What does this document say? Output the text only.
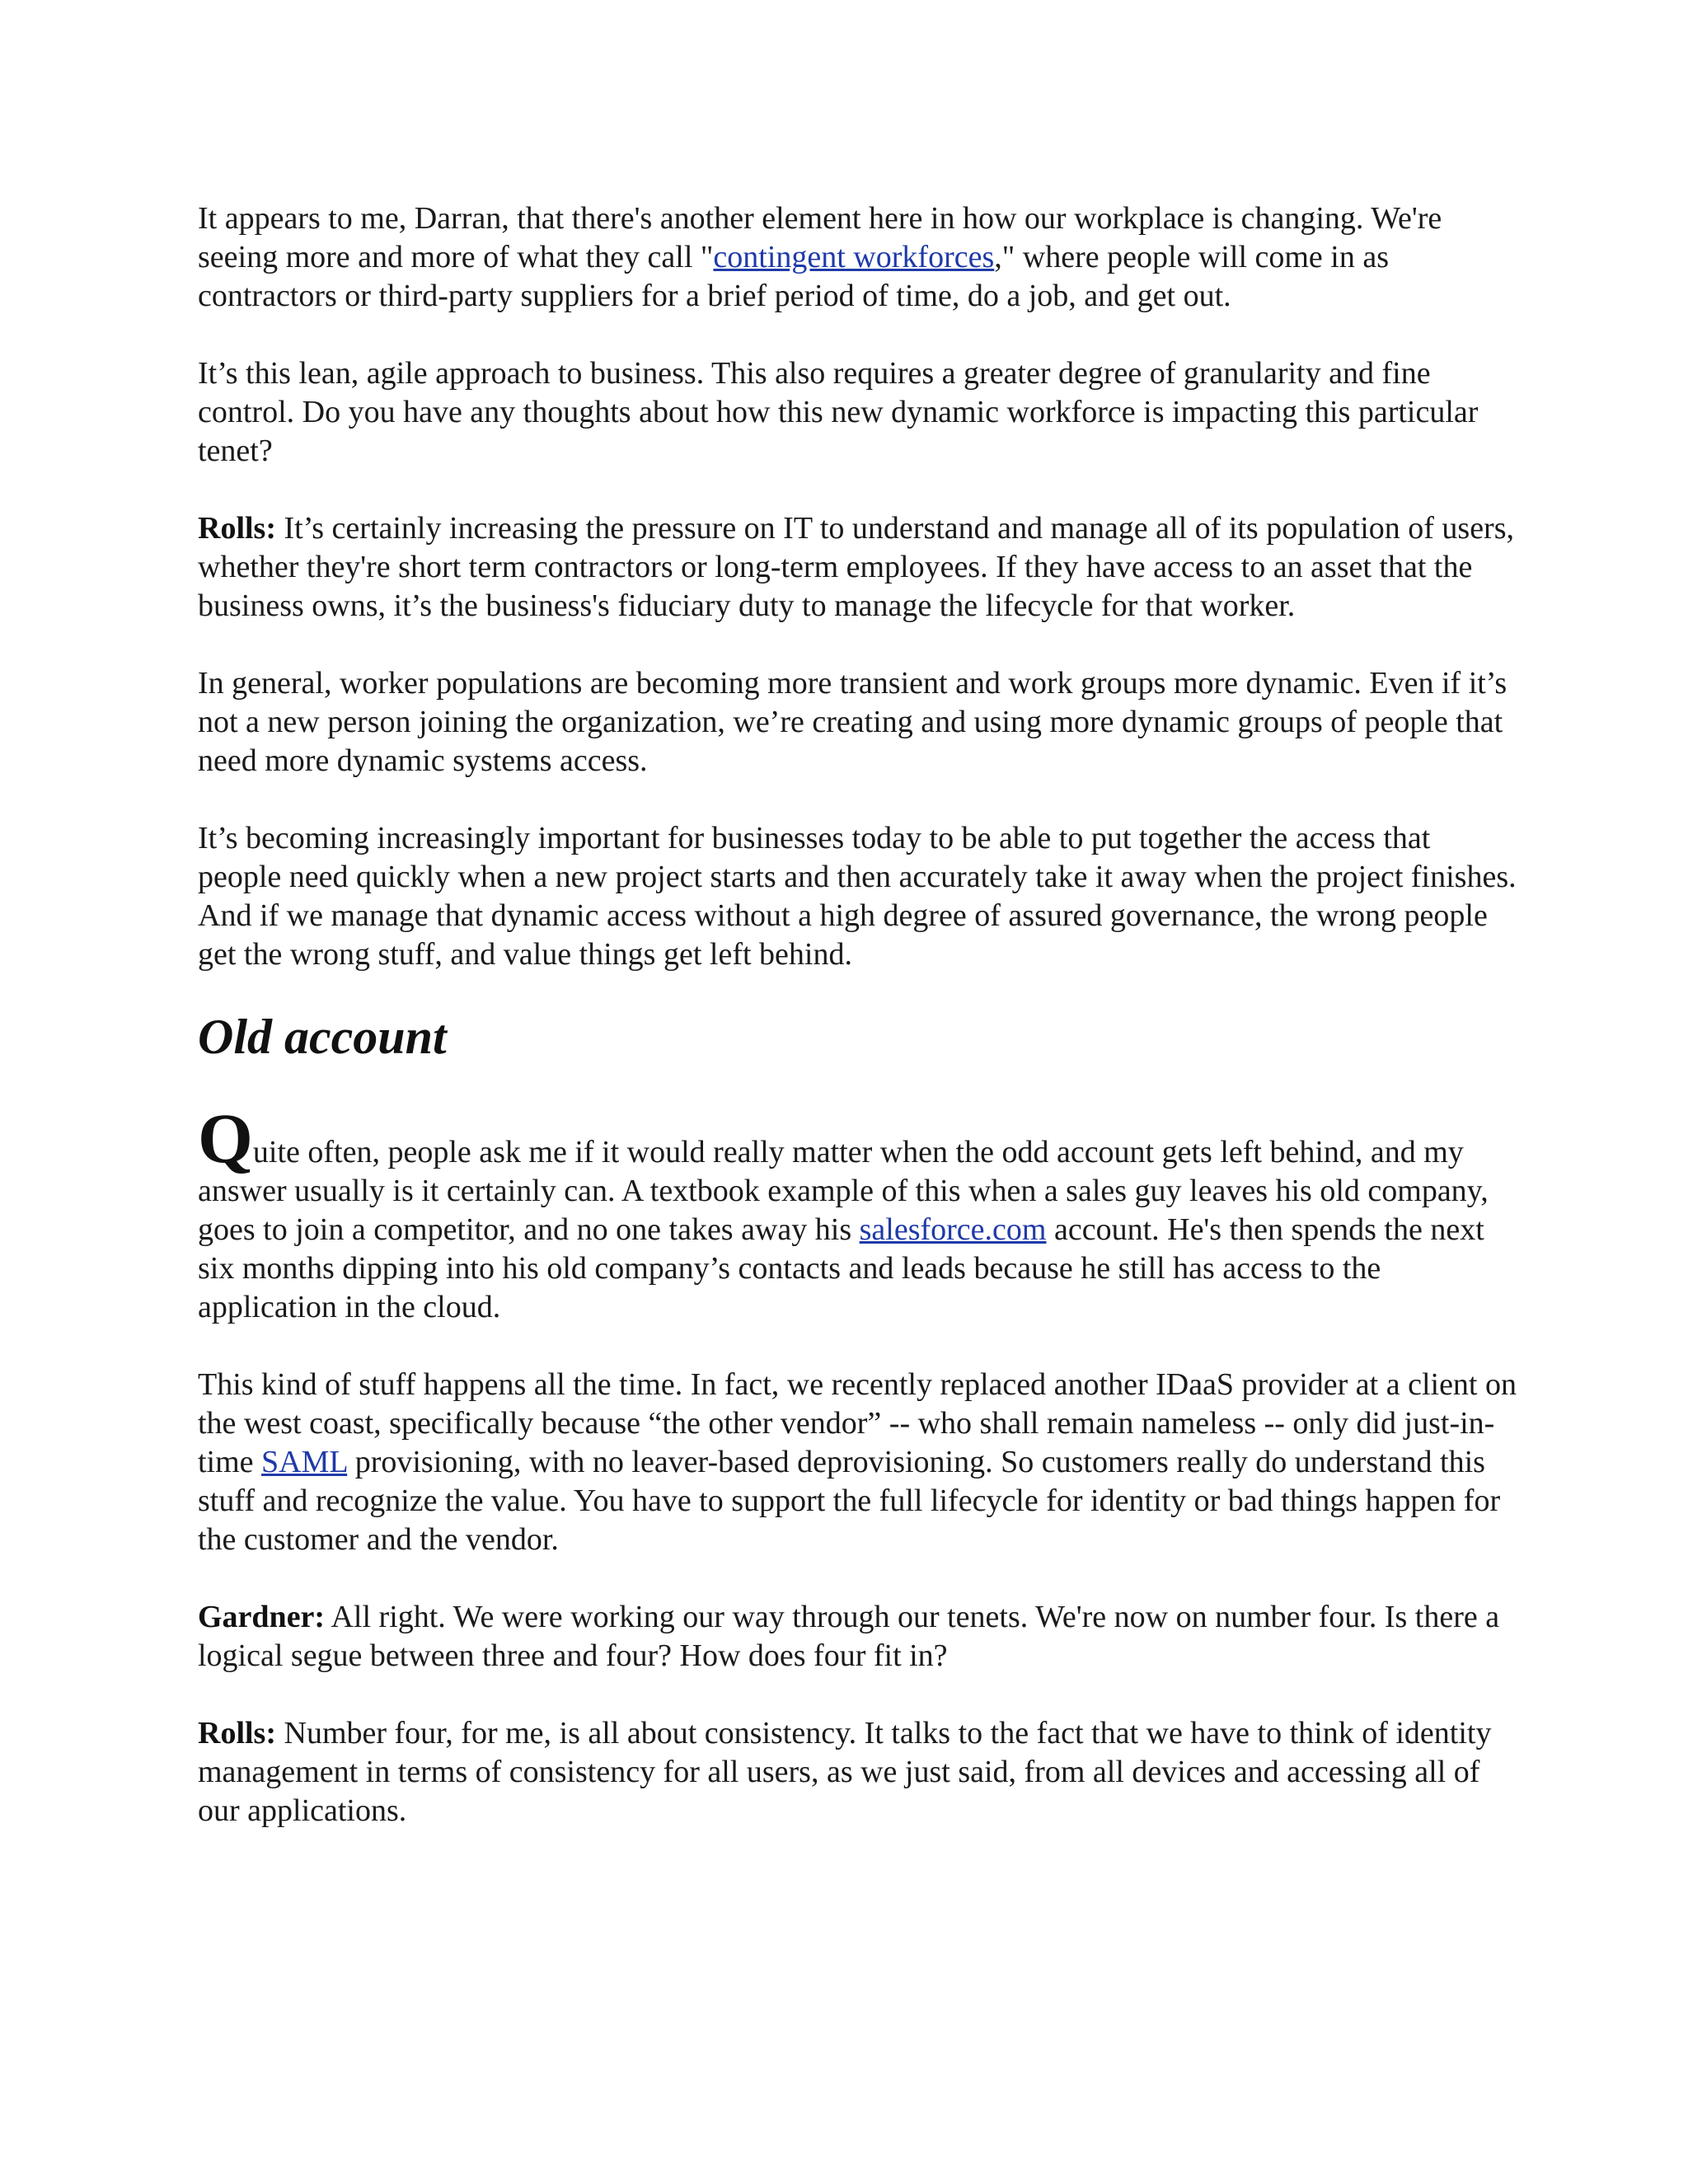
It appears to me, Darran, that there's another element here in how our workplace is changing. We're seeing more and more of what they call "contingent workforces," where people will come in as contractors or third-party suppliers for a brief period of time, do a job, and get out.

It’s this lean, agile approach to business. This also requires a greater degree of granularity and fine control. Do you have any thoughts about how this new dynamic workforce is impacting this particular tenet?

Rolls: It’s certainly increasing the pressure on IT to understand and manage all of its population of users, whether they're short term contractors or long-term employees. If they have access to an asset that the business owns, it’s the business's fiduciary duty to manage the lifecycle for that worker.

In general, worker populations are becoming more transient and work groups more dynamic. Even if it’s not a new person joining the organization, we’re creating and using more dynamic groups of people that need more dynamic systems access.

It’s becoming increasingly important for businesses today to be able to put together the access that people need quickly when a new project starts and then accurately take it away when the project finishes. And if we manage that dynamic access without a high degree of assured governance, the wrong people get the wrong stuff, and value things get left behind.

Old account

Quite often, people ask me if it would really matter when the odd account gets left behind, and my answer usually is it certainly can. A textbook example of this when a sales guy leaves his old company, goes to join a competitor, and no one takes away his salesforce.com account. He's then spends the next six months dipping into his old company’s contacts and leads because he still has access to the application in the cloud.

This kind of stuff happens all the time. In fact, we recently replaced another IDaaS provider at a client on the west coast, specifically because “the other vendor” -- who shall remain nameless -- only did just-in-time SAML provisioning, with no leaver-based deprovisioning. So customers really do understand this stuff and recognize the value. You have to support the full lifecycle for identity or bad things happen for the customer and the vendor.

Gardner: All right. We were working our way through our tenets. We're now on number four. Is there a logical segue between three and four? How does four fit in?

Rolls: Number four, for me, is all about consistency. It talks to the fact that we have to think of identity management in terms of consistency for all users, as we just said, from all devices and accessing all of our applications.
